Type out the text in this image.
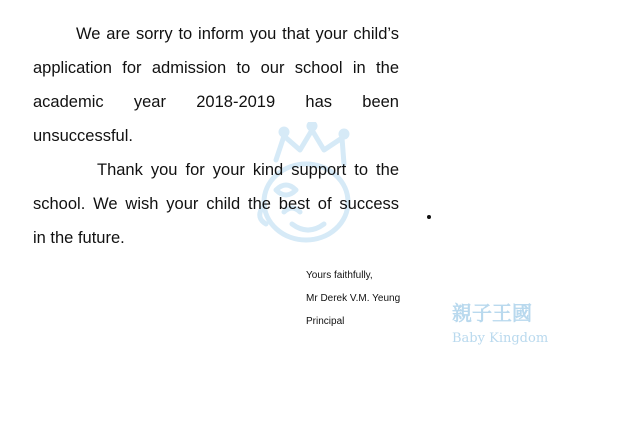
親子王國
Baby Kingdom
We are sorry to inform you that your child’s
application for admission to our school in the
academic year 2018-2019 has been
unsuccessful.
Thank you for your kind support to the
school. We wish your child the best of success
in the future.
Yours faithfully,
Mr Derek V.M. Yeung
Principal
